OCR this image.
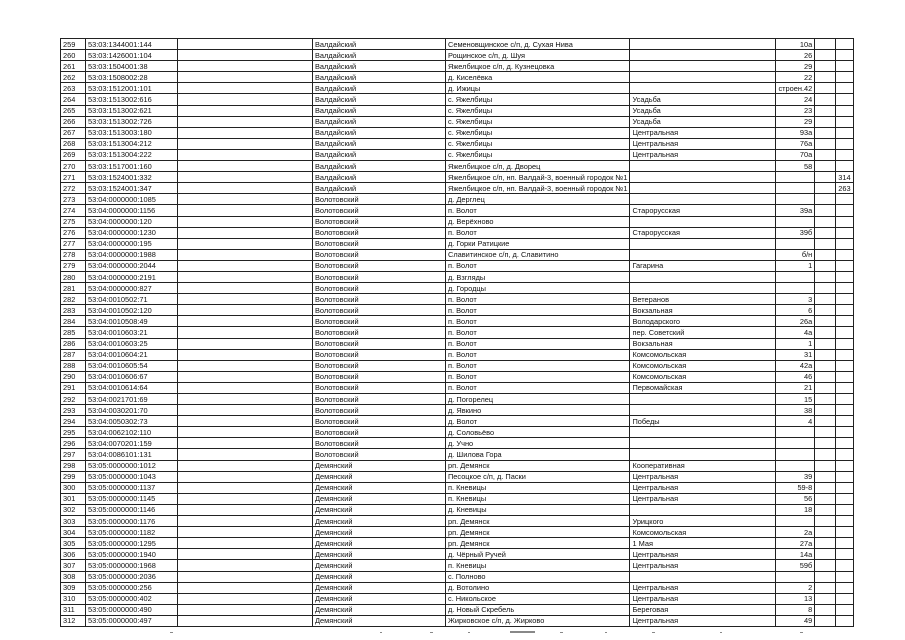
259	53:03:1344001:144		Валдайский	Семеновщинское с/п, д. Сухая Нива		10а		
260	53:03:1426001:104		Валдайский	Рощинское с/п, д. Шуя		26		
261	53:03:1504001:38		Валдайский	Яжелбицкое с/п, д. Кузнецовка		29		
262	53:03:1508002:28		Валдайский	д. Киселёвка		22		
263	53:03:1512001:101		Валдайский	д. Ижицы		строен.42		
264	53:03:1513002:616		Валдайский	с. Яжелбицы	Усадьба	24		
265	53:03:1513002:621		Валдайский	с. Яжелбицы	Усадьба	23		
266	53:03:1513002:726		Валдайский	с. Яжелбицы	Усадьба	29		
267	53:03:1513003:180		Валдайский	с. Яжелбицы	Центральная	93а		
268	53:03:1513004:212		Валдайский	с. Яжелбицы	Центральная	76а		
269	53:03:1513004:222		Валдайский	с. Яжелбицы	Центральная	70а		
270	53:03:1517001:160		Валдайский	Яжелбицкое с/п, д. Дворец		58		
271	53:03:1524001:332		Валдайский	Яжелбицкое с/п, нп. Валдай-3, военный городок №1				314
272	53:03:1524001:347		Валдайский	Яжелбицкое с/п, нп. Валдай-3, военный городок №1				263
273	53:04:0000000:1085		Волотовский	д. Дерглец				
274	53:04:0000000:1156		Волотовский	п. Волот	Старорусская	39а		
275	53:04:0000000:120		Волотовский	д. Верёхново				
276	53:04:0000000:1230		Волотовский	п. Волот	Старорусская	39б		
277	53:04:0000000:195		Волотовский	д. Горки Ратицкие				
278	53:04:0000000:1988		Волотовский	Славитинское с/п, д. Славитино		б/н		
279	53:04:0000000:2044		Волотовский	п. Волот	Гагарина	1		
280	53:04:0000000:2191		Волотовский	д. Взгляды				
281	53:04:0000000:827		Волотовский	д. Городцы				
282	53:04:0010502:71		Волотовский	п. Волот	Ветеранов	3		
283	53:04:0010502:120		Волотовский	п. Волот	Вокзальная	6		
284	53:04:0010508:49		Волотовский	п. Волот	Володарского	26а		
285	53:04:0010603:21		Волотовский	п. Волот	пер. Советский	4а		
286	53:04:0010603:25		Волотовский	п. Волот	Вокзальная	1		
287	53:04:0010604:21		Волотовский	п. Волот	Комсомольская	31		
288	53:04:0010605:54		Волотовский	п. Волот	Комсомольская	42а		
290	53:04:0010606:67		Волотовский	п. Волот	Комсомольская	46		
291	53:04:0010614:64		Волотовский	п. Волот	Первомайская	21		
292	53:04:0021701:69		Волотовский	д. Погорелец		15		
293	53:04:0030201:70		Волотовский	д. Явкино		38		
294	53:04:0050302:73		Волотовский	д. Волот	Победы	4		
295	53:04:0062102:110		Волотовский	д. Соловьёво				
296	53:04:0070201:159		Волотовский	д. Учно				
297	53:04:0086101:131		Волотовский	д. Шилова Гора				
298	53:05:0000000:1012		Демянский	рп. Демянск	Кооперативная			
299	53:05:0000000:1043		Демянский	Песоцкое с/п, д. Паски	Центральная	39		
300	53:05:0000000:1137		Демянский	п. Кневицы	Центральная	59-8		
301	53:05:0000000:1145		Демянский	п. Кневицы	Центральная	56		
302	53:05:0000000:1146		Демянский	д. Кневицы		18		
303	53:05:0000000:1176		Демянский	рп. Демянск	Урицкого			
304	53:05:0000000:1182		Демянский	рп. Демянск	Комсомольская	2а		
305	53:05:0000000:1295		Демянский	рп. Демянск	1 Мая	27а		
306	53:05:0000000:1940		Демянский	д. Чёрный Ручей	Центральная	14а		
307	53:05:0000000:1968		Демянский	п. Кневицы	Центральная	59б		
308	53:05:0000000:2036		Демянский	с. Полново				
309	53:05:0000000:256		Демянский	д. Вотолино	Центральная	2		
310	53:05:0000000:402		Демянский	с. Никольское	Центральная	13		
311	53:05:0000000:490		Демянский	д. Новый Скребель	Береговая	8		
312	53:05:0000000:497		Демянский	Жирковское с/п, д. Жирково	Центральная	49		
